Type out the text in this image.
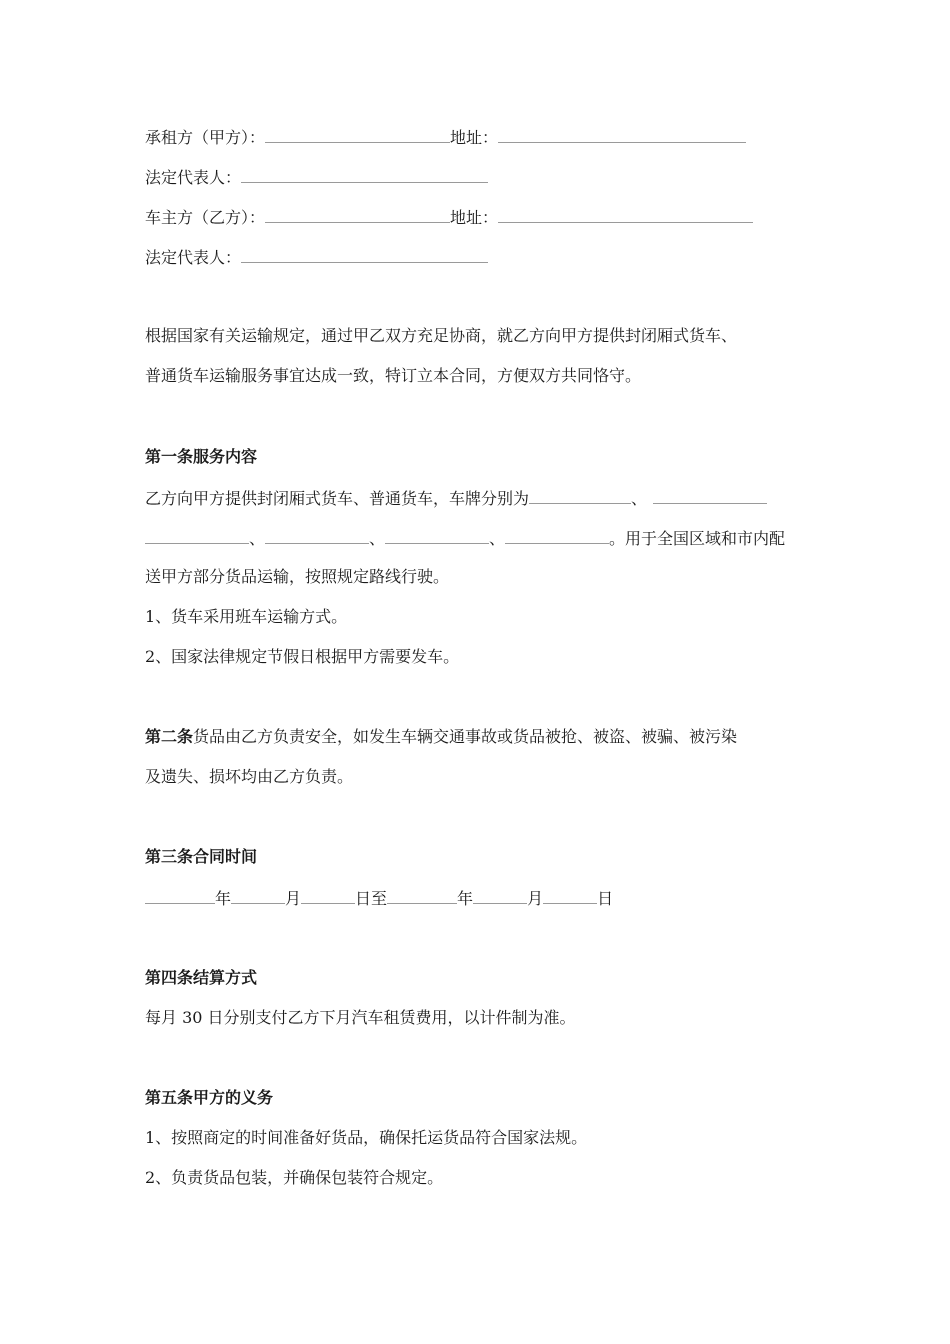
承租方（甲方）：	地址：
法定代表人：
车主方（乙方）：	地址：
法定代表人：
根据国家有关运输规定，通过甲乙双方充足协商，就乙方向甲方提供封闭厢式货车、
普通货车运输服务事宜达成一致，特订立本合同，方便双方共同恪守。
第一条服务内容
乙方向甲方提供封闭厢式货车、普通货车，车牌分别为	、
、	、	、	。用于全国区域和市内配
送甲方部分货品运输，按照规定路线行驶。
1、货车采用班车运输方式。
2、国家法律规定节假日根据甲方需要发车。
第二条货品由乙方负责安全，如发生车辆交通事故或货品被抢、被盗、被骗、被污染
及遗失、损坏均由乙方负责。
第三条合同时间
年	月	日至	年	月	日
第四条结算方式
每月 30 日分别支付乙方下月汽车租赁费用，以计件制为准。
第五条甲方的义务
1、按照商定的时间准备好货品，确保托运货品符合国家法规。
2、负责货品包装，并确保包装符合规定。
